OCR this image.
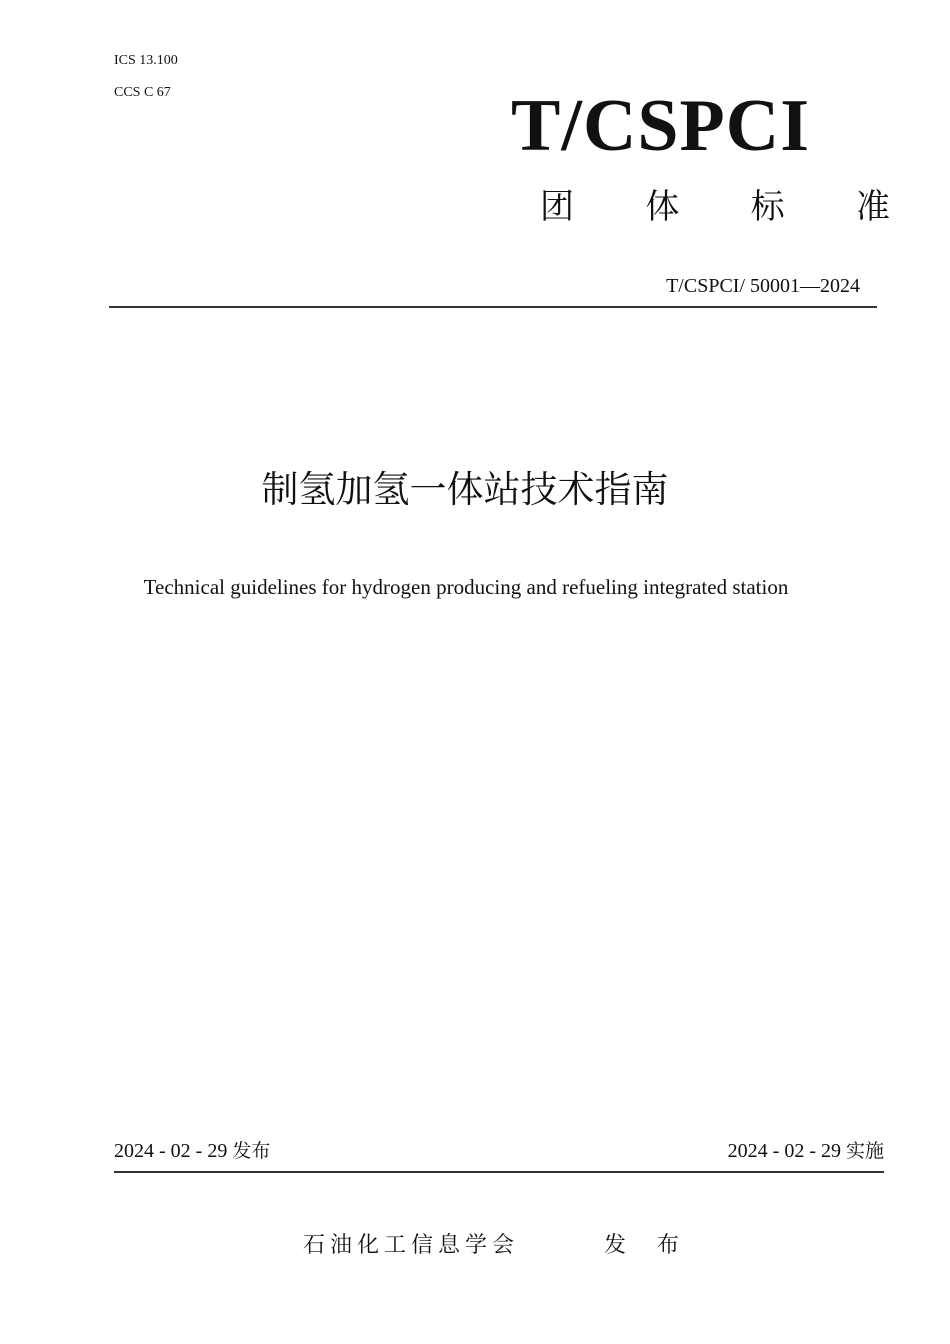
ICS 13.100
CCS C 67	T/CSPCI
团 体 标 准
T/CSPCI/ 50001—2024
制氢加氢一体站技术指南
Technical guidelines for hydrogen producing and refueling integrated station
2024 - 02 - 29 发布	2024 - 02 - 29 实施
石油化工信息学会	发 布
